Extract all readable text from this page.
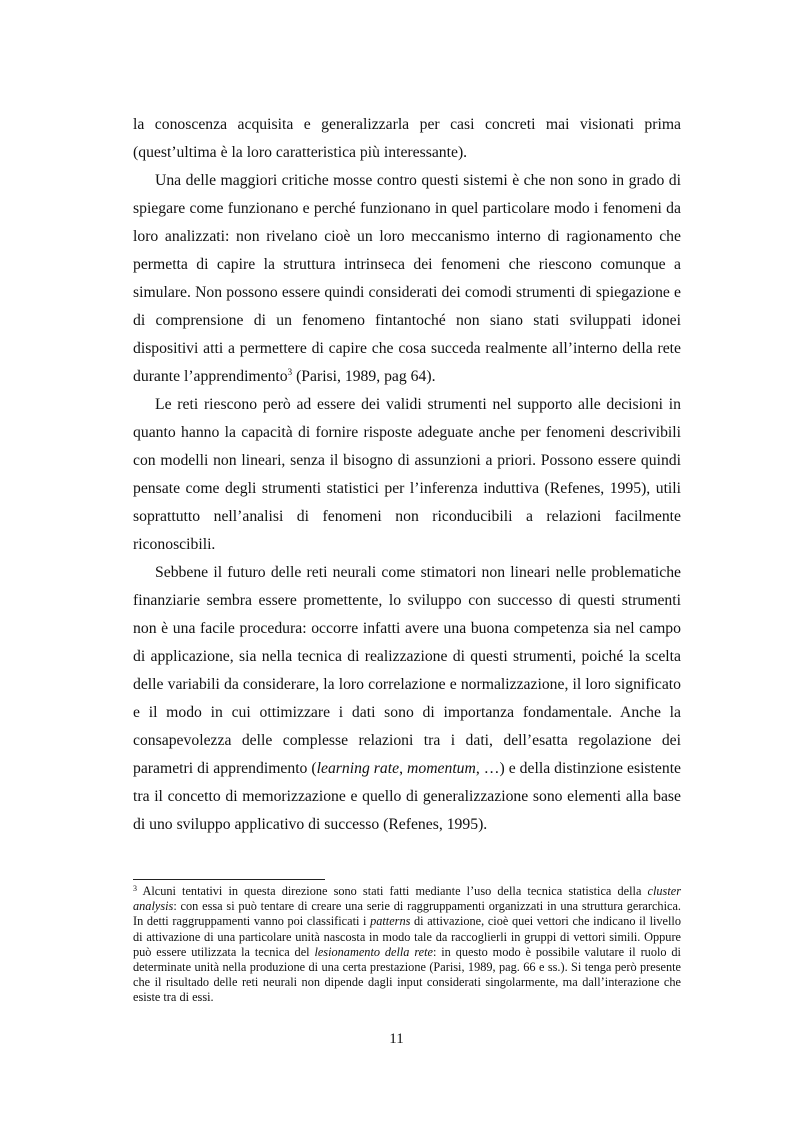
la conoscenza acquisita e generalizzarla per casi concreti mai visionati prima (quest’ultima è la loro caratteristica più interessante).

Una delle maggiori critiche mosse contro questi sistemi è che non sono in grado di spiegare come funzionano e perché funzionano in quel particolare modo i fenomeni da loro analizzati: non rivelano cioè un loro meccanismo interno di ragionamento che permetta di capire la struttura intrinseca dei fenomeni che riescono comunque a simulare. Non possono essere quindi considerati dei comodi strumenti di spiegazione e di comprensione di un fenomeno fintantoché non siano stati sviluppati idonei dispositivi atti a permettere di capire che cosa succeda realmente all’interno della rete durante l’apprendimento$^3$ (Parisi, 1989, pag 64).

Le reti riescono però ad essere dei validi strumenti nel supporto alle decisioni in quanto hanno la capacità di fornire risposte adeguate anche per fenomeni descrivibili con modelli non lineari, senza il bisogno di assunzioni a priori. Possono essere quindi pensate come degli strumenti statistici per l’inferenza induttiva (Refenes, 1995), utili soprattutto nell’analisi di fenomeni non riconducibili a relazioni facilmente riconoscibili.

Sebbene il futuro delle reti neurali come stimatori non lineari nelle problematiche finanziarie sembra essere promettente, lo sviluppo con successo di questi strumenti non è una facile procedura: occorre infatti avere una buona competenza sia nel campo di applicazione, sia nella tecnica di realizzazione di questi strumenti, poiché la scelta delle variabili da considerare, la loro correlazione e normalizzazione, il loro significato e il modo in cui ottimizzare i dati sono di importanza fondamentale. Anche la consapevolezza delle complesse relazioni tra i dati, dell’esatta regolazione dei parametri di apprendimento (learning rate, momentum, …) e della distinzione esistente tra il concetto di memorizzazione e quello di generalizzazione sono elementi alla base di uno sviluppo applicativo di successo (Refenes, 1995).

$^3$ Alcuni tentativi in questa direzione sono stati fatti mediante l’uso della tecnica statistica della cluster analysis: con essa si può tentare di creare una serie di raggruppamenti organizzati in una struttura gerarchica. In detti raggruppamenti vanno poi classificati i patterns di attivazione, cioè quei vettori che indicano il livello di attivazione di una particolare unità nascosta in modo tale da raccoglierli in gruppi di vettori simili. Oppure può essere utilizzata la tecnica del lesionamento della rete: in questo modo è possibile valutare il ruolo di determinate unità nella produzione di una certa prestazione (Parisi, 1989, pag. 66 e ss.). Si tenga però presente che il risultado delle reti neurali non dipende dagli input considerati singolarmente, ma dall’interazione che esiste tra di essi.

11
